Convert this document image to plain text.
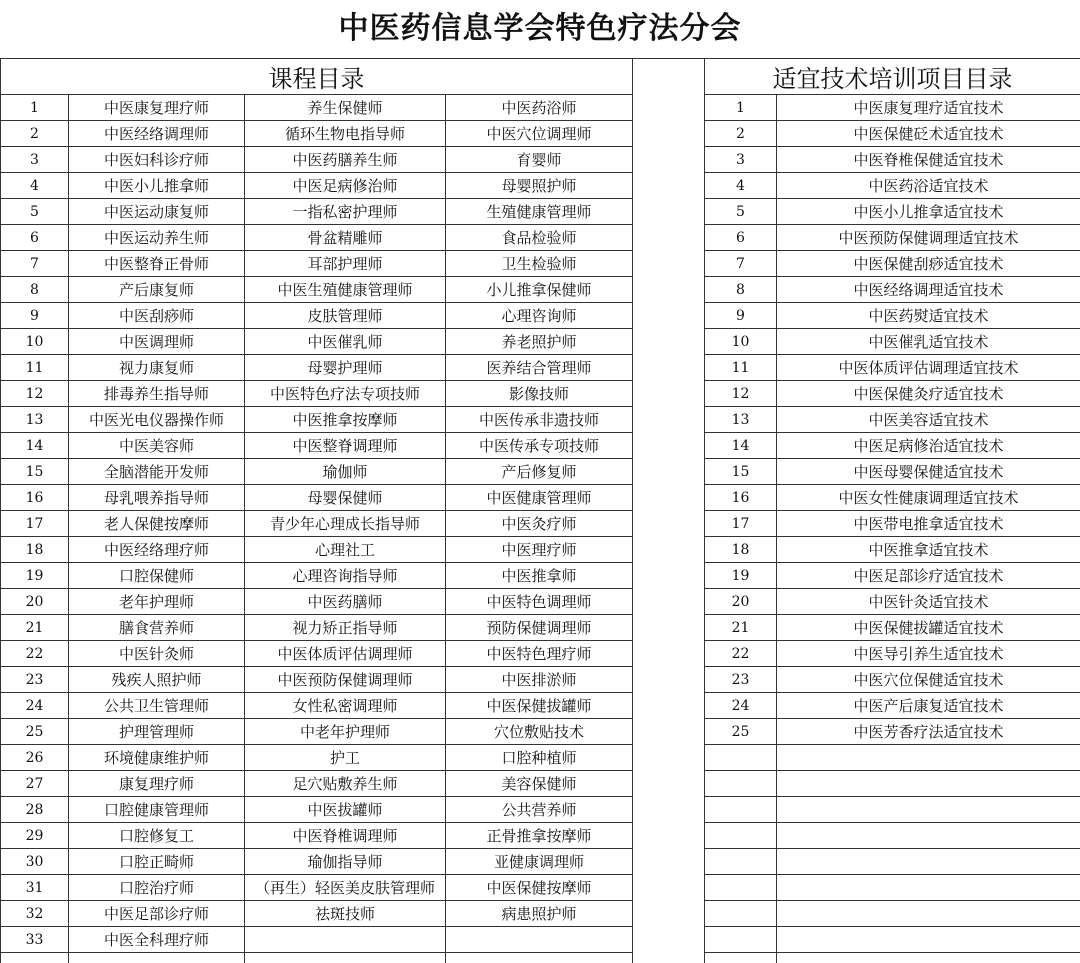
中医药信息学会特色疗法分会
课程目录					适宜技术培训项目目录	
1	中医康复理疗师	养生保健师	中医药浴师		1	中医康复理疗适宜技术
2	中医经络调理师	循环生物电指导师	中医穴位调理师		2	中医保健砭术适宜技术
3	中医妇科诊疗师	中医药膳养生师	育婴师		3	中医脊椎保健适宜技术
4	中医小儿推拿师	中医足病修治师	母婴照护师		4	中医药浴适宜技术
5	中医运动康复师	一指私密护理师	生殖健康管理师		5	中医小儿推拿适宜技术
6	中医运动养生师	骨盆精雕师	食品检验师		6	中医预防保健调理适宜技术
7	中医整脊正骨师	耳部护理师	卫生检验师		7	中医保健刮痧适宜技术
8	产后康复师	中医生殖健康管理师	小儿推拿保健师		8	中医经络调理适宜技术
9	中医刮痧师	皮肤管理师	心理咨询师		9	中医药熨适宜技术
10	中医调理师	中医催乳师	养老照护师		10	中医催乳适宜技术
11	视力康复师	母婴护理师	医养结合管理师		11	中医体质评估调理适宜技术
12	排毒养生指导师	中医特色疗法专项技师	影像技师		12	中医保健灸疗适宜技术
13	中医光电仪器操作师	中医推拿按摩师	中医传承非遗技师		13	中医美容适宜技术
14	中医美容师	中医整脊调理师	中医传承专项技师		14	中医足病修治适宜技术
15	全脑潜能开发师	瑜伽师	产后修复师		15	中医母婴保健适宜技术
16	母乳喂养指导师	母婴保健师	中医健康管理师		16	中医女性健康调理适宜技术
17	老人保健按摩师	青少年心理成长指导师	中医灸疗师		17	中医带电推拿适宜技术
18	中医经络理疗师	心理社工	中医理疗师		18	中医推拿适宜技术
19	口腔保健师	心理咨询指导师	中医推拿师		19	中医足部诊疗适宜技术
20	老年护理师	中医药膳师	中医特色调理师		20	中医针灸适宜技术
21	膳食营养师	视力矫正指导师	预防保健调理师		21	中医保健拔罐适宜技术
22	中医针灸师	中医体质评估调理师	中医特色理疗师		22	中医导引养生适宜技术
23	残疾人照护师	中医预防保健调理师	中医排淤师		23	中医穴位保健适宜技术
24	公共卫生管理师	女性私密调理师	中医保健拔罐师		24	中医产后康复适宜技术
25	护理管理师	中老年护理师	穴位敷贴技术		25	中医芳香疗法适宜技术
26	环境健康维护师	护工	口腔种植师			
27	康复理疗师	足穴贴敷养生师	美容保健师			
28	口腔健康管理师	中医拔罐师	公共营养师			
29	口腔修复工	中医脊椎调理师	正骨推拿按摩师			
30	口腔正畸师	瑜伽指导师	亚健康调理师			
31	口腔治疗师	（再生）轻医美皮肤管理师	中医保健按摩师			
32	中医足部诊疗师	祛斑技师	病患照护师			
33	中医全科理疗师					
